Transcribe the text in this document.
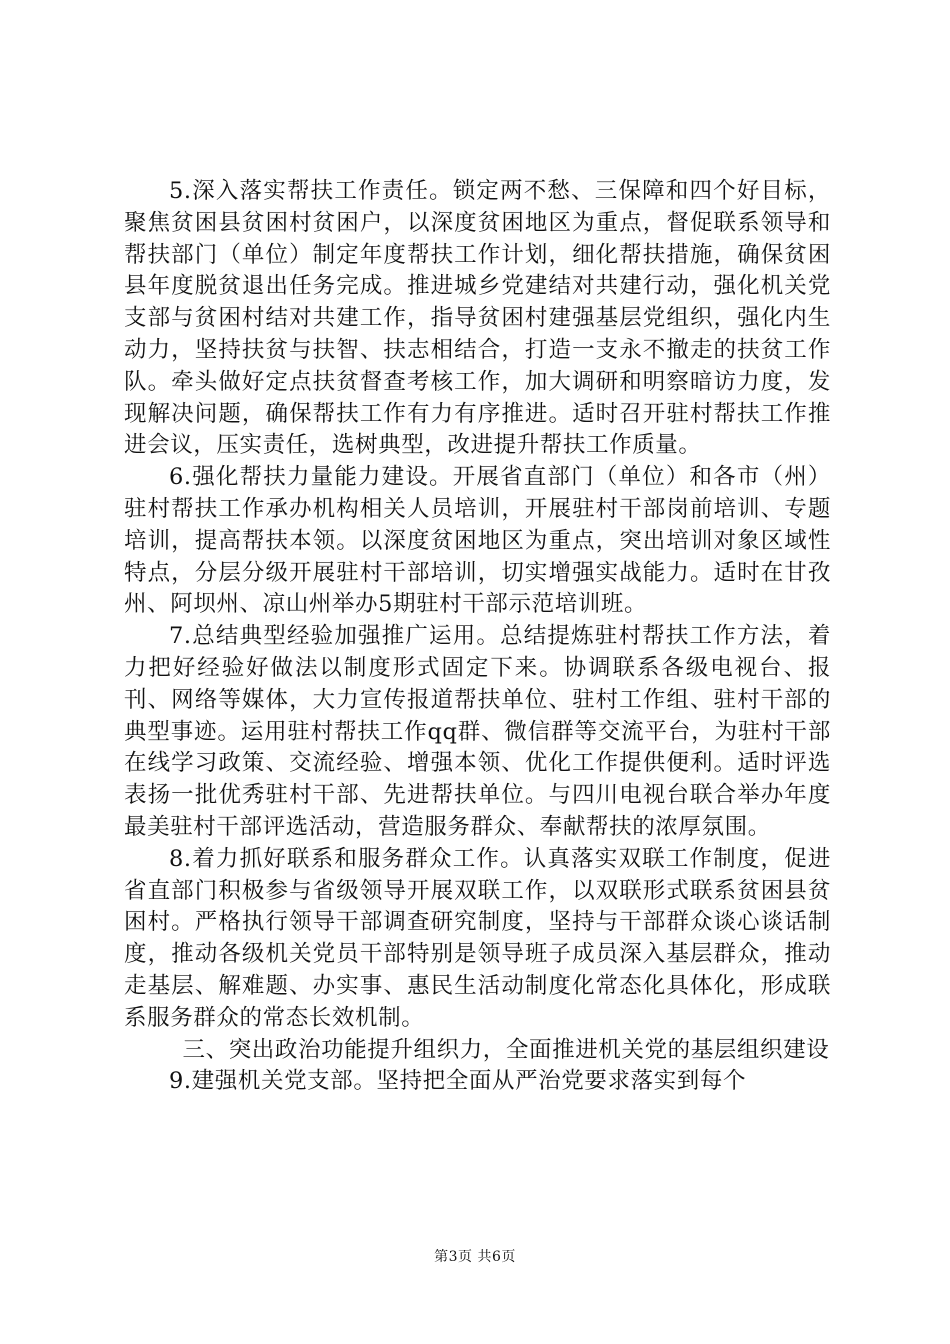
5.深入落实帮扶工作责任。锁定两不愁、三保障和四个好目标，聚焦贫困县贫困村贫困户，以深度贫困地区为重点，督促联系领导和帮扶部门（单位）制定年度帮扶工作计划，细化帮扶措施，确保贫困县年度脱贫退出任务完成。推进城乡党建结对共建行动，强化机关党支部与贫困村结对共建工作，指导贫困村建强基层党组织，强化内生动力，坚持扶贫与扶智、扶志相结合，打造一支永不撤走的扶贫工作队。牵头做好定点扶贫督查考核工作，加大调研和明察暗访力度，发现解决问题，确保帮扶工作有力有序推进。适时召开驻村帮扶工作推进会议，压实责任，选树典型，改进提升帮扶工作质量。

6.强化帮扶力量能力建设。开展省直部门（单位）和各市（州）驻村帮扶工作承办机构相关人员培训，开展驻村干部岗前培训、专题培训，提高帮扶本领。以深度贫困地区为重点，突出培训对象区域性特点，分层分级开展驻村干部培训，切实增强实战能力。适时在甘孜州、阿坝州、凉山州举办5期驻村干部示范培训班。

7.总结典型经验加强推广运用。总结提炼驻村帮扶工作方法，着力把好经验好做法以制度形式固定下来。协调联系各级电视台、报刊、网络等媒体，大力宣传报道帮扶单位、驻村工作组、驻村干部的典型事迹。运用驻村帮扶工作qq群、微信群等交流平台，为驻村干部在线学习政策、交流经验、增强本领、优化工作提供便利。适时评选表扬一批优秀驻村干部、先进帮扶单位。与四川电视台联合举办年度最美驻村干部评选活动，营造服务群众、奉献帮扶的浓厚氛围。

8.着力抓好联系和服务群众工作。认真落实双联工作制度，促进省直部门积极参与省级领导开展双联工作，以双联形式联系贫困县贫困村。严格执行领导干部调查研究制度，坚持与干部群众谈心谈话制度，推动各级机关党员干部特别是领导班子成员深入基层群众，推动走基层、解难题、办实事、惠民生活动制度化常态化具体化，形成联系服务群众的常态长效机制。

三、突出政治功能提升组织力，全面推进机关党的基层组织建设

9.建强机关党支部。坚持把全面从严治党要求落实到每个

第3页 共6页
